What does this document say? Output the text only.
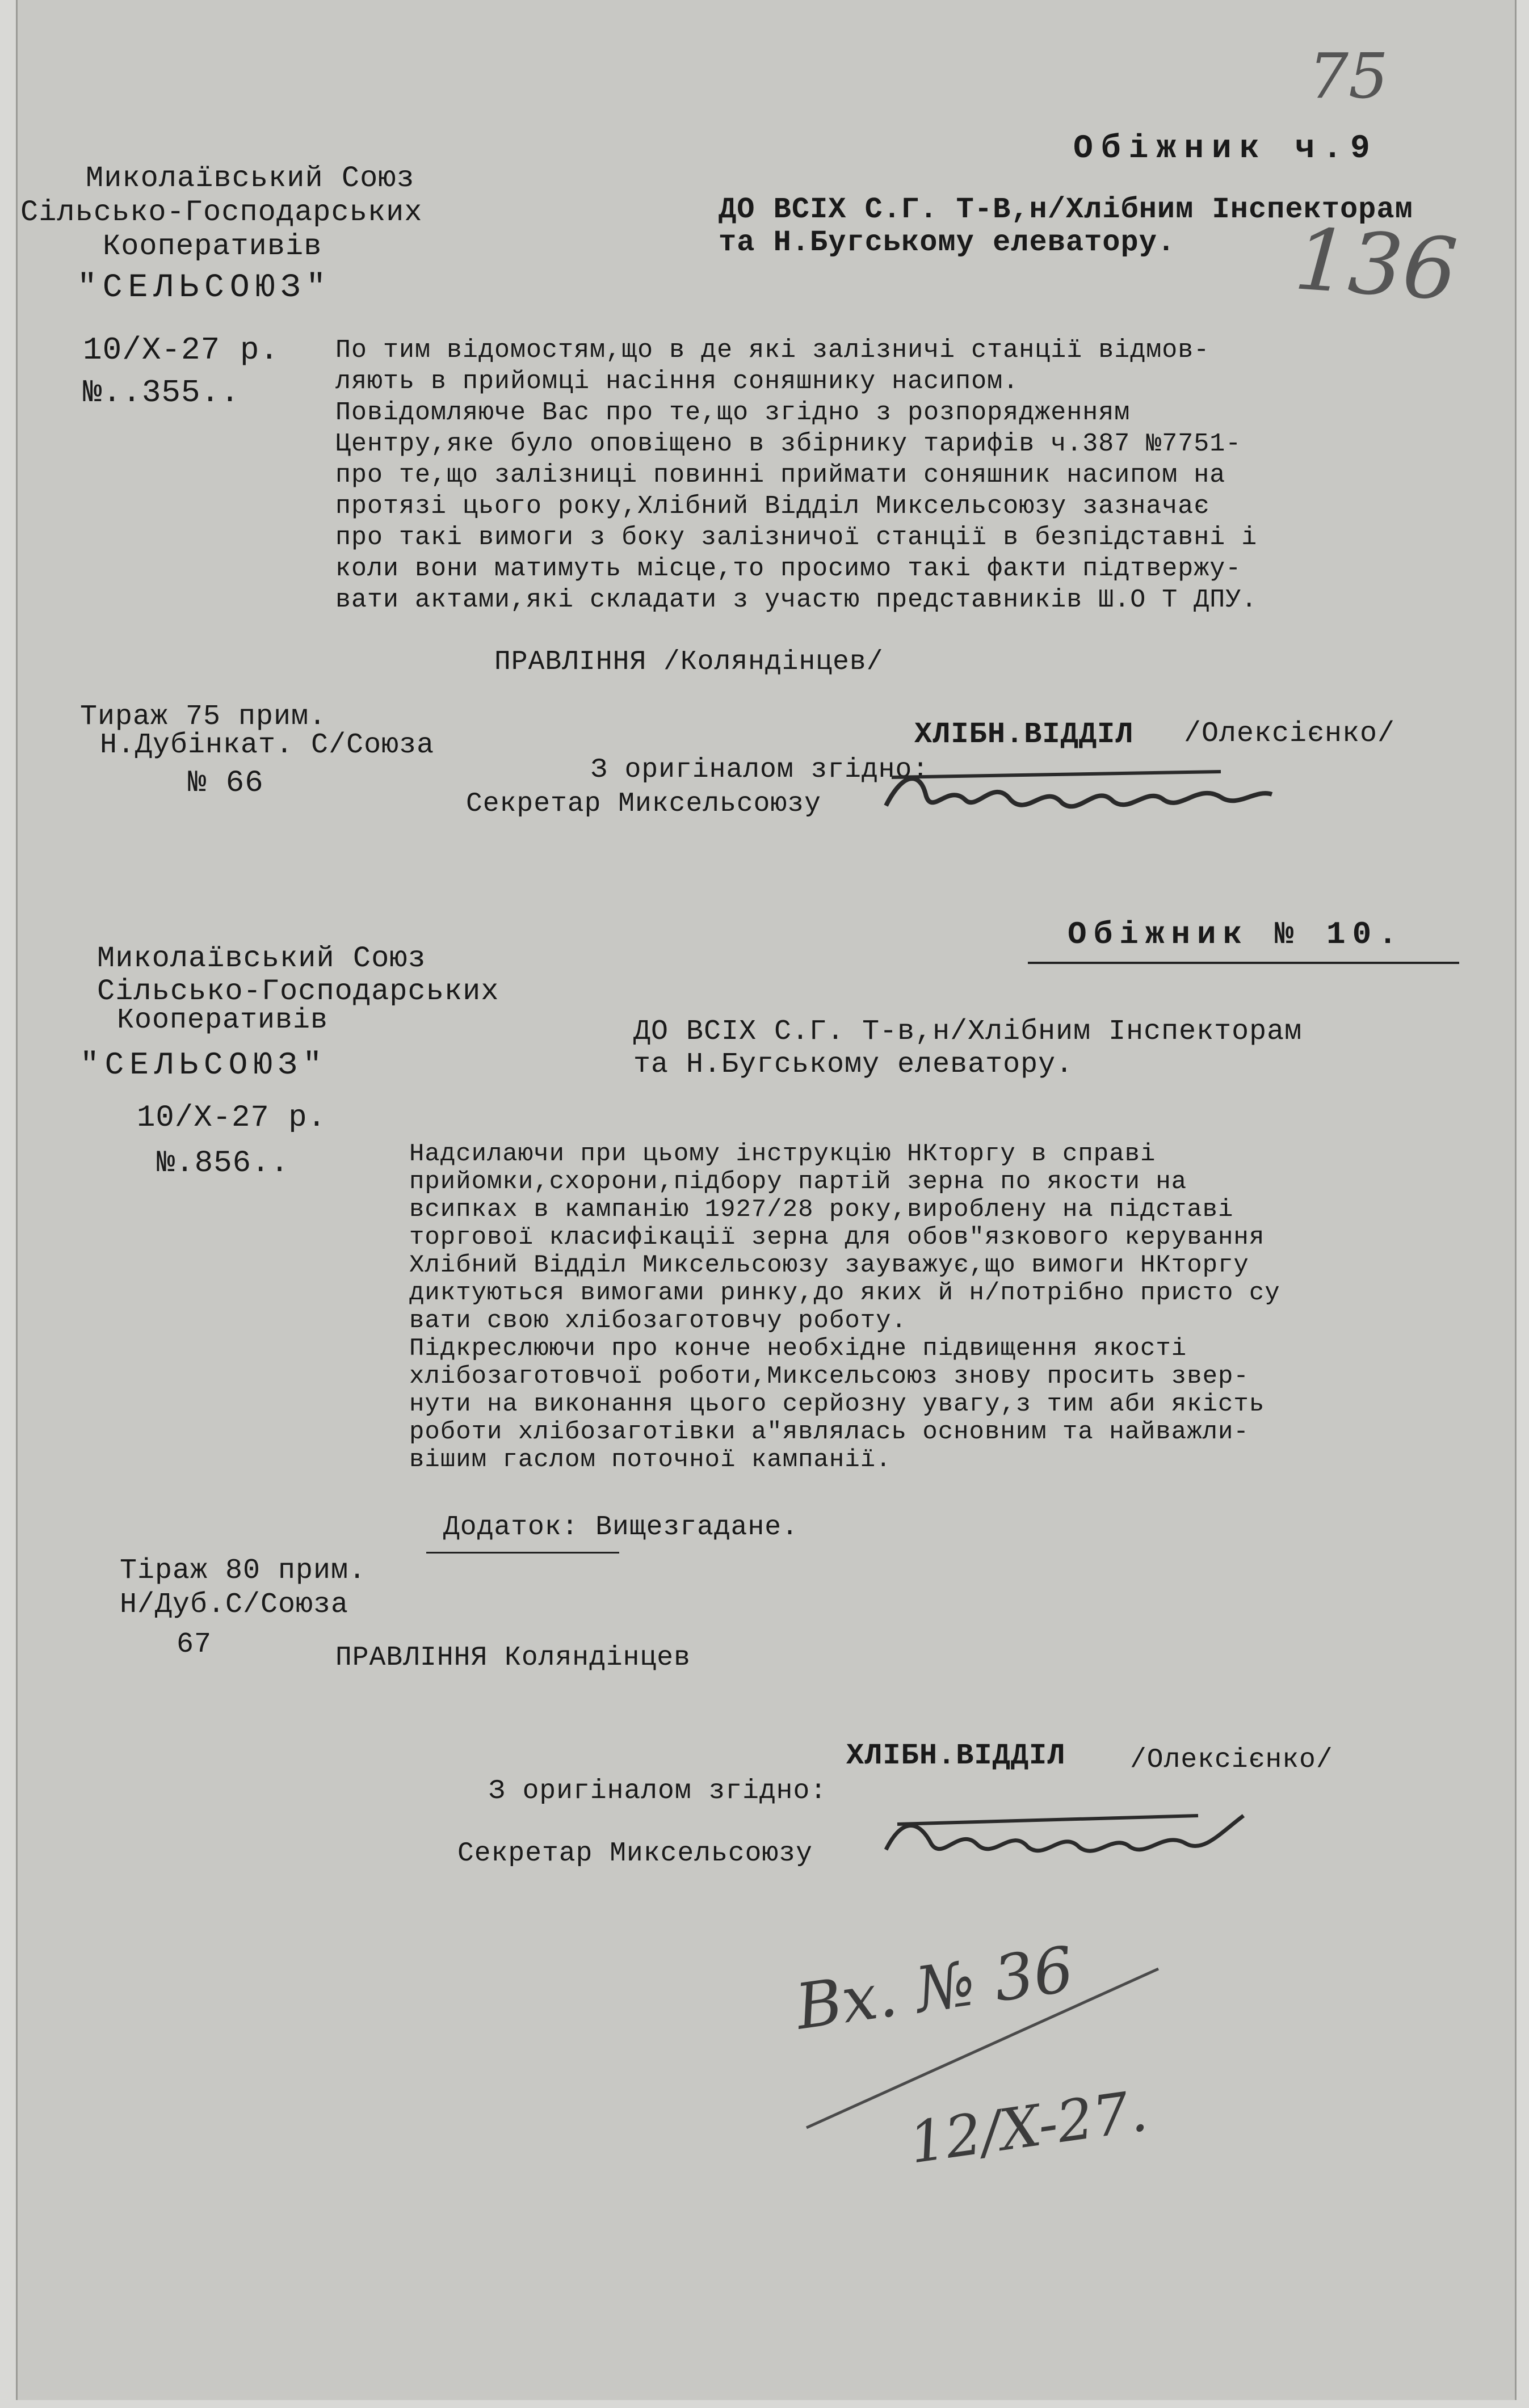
75
136
Обіжник ч.9
Миколаївський Союз
Сільсько-Господарських
Кооперативів
"СЕЛЬСОЮЗ"
10/X-27 р.
№..355..
ДО ВСІХ С.Г. Т-В,н/Хлібним Інспекторам
та Н.Бугському елеватору.
По тим відомостям,що в де які залізничі станції відмов-
ляють в прийомці насіння соняшнику насипом.
Повідомляюче Вас про те,що згідно з розпорядженням
Центру,яке було оповіщено в збірнику тарифів ч.387 №7751-
про те,що залізниці повинні приймати соняшник насипом на
протязі цього року,Хлібний Відділ Миксельсоюзу зазначає
про такі вимоги з боку залізничої станції в безпідставні і
коли вони матимуть місце,то просимо такі факти підтвержу-
вати актами,які складати з участю представників Ш.О Т ДПУ.
ПРАВЛІННЯ /Коляндінцев/
Тираж 75 прим.
Н.Дубінкат. С/Союза
№ 66
ХЛІБН.ВІДДІЛ /Олексієнко/
З оригіналом згідно:
Секретар Миксельсоюзу
Обіжник № 10.
Миколаївський Союз
Сільсько-Господарських
Кооперативів
"СЕЛЬСОЮЗ"
10/X-27 р.
№.856..
ДО ВСІХ С.Г. Т-в,н/Хлібним Інспекторам
та Н.Бугському елеватору.
Надсилаючи при цьому інструкцію НКторгу в справі
прийомки,схорони,підбору партій зерна по якости на
всипках в кампанію 1927/28 року,вироблену на підставі
торгової класифікації зерна для обов"язкового керування
Хлібний Відділ Миксельсоюзу зауважує,що вимоги НКторгу
диктуються вимогами ринку,до яких й н/потрібно присто су
вати свою хлібозаготовчу роботу.
Підкреслюючи про конче необхідне підвищення якості
хлібозаготовчої роботи,Миксельсоюз знову просить звер-
нути на виконання цього серйозну увагу,з тим аби якість
роботи хлібозаготівки а"являлась основним та найважли-
вішим гаслом поточної кампанії.
Додаток: Вищезгадане.
Тіраж 80 прим.
Н/Дуб.С/Союза
67	ПРАВЛІННЯ Коляндінцев
ХЛІБН.ВІДДІЛ /Олексієнко/
З оригіналом згідно:
Секретар Миксельсоюзу
Вх. № 36
12/X-27.
